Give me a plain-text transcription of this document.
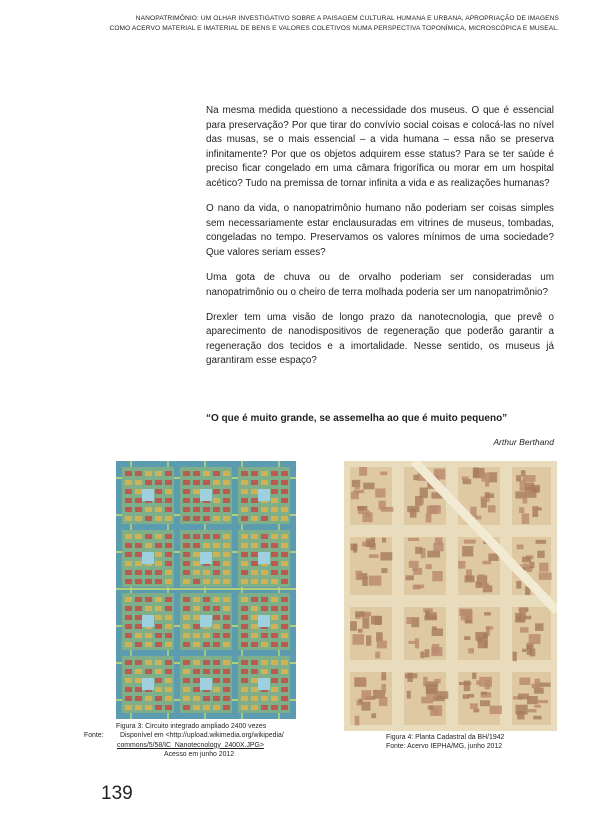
NANOPATRIMÔNIO: UM OLHAR INVESTIGATIVO SOBRE A PAISAGEM CULTURAL HUMANA E URBANA, APROPRIAÇÃO DE IMAGENS
COMO ACERVO MATERIAL E IMATERIAL DE BENS E VALORES COLETIVOS NUMA PERSPECTIVA TOPONÍMICA, MICROSCÓPICA E MUSEAL.

Na mesma medida questiono a necessidade dos museus. O que é essencial para preservação? Por que tirar do convívio social coisas e colocá-las no nível das musas, se o mais essencial – a vida humana – essa não se preserva infinitamente? Por que os objetos adquirem esse status? Para se ter saúde é preciso ficar congelado em uma câmara frigorífica ou morar em um hospital acético? Tudo na premissa de tornar infinita a vida e as realizações humanas?

O nano da vida, o nanopatrimônio humano não poderiam ser coisas simples sem necessariamente estar enclausuradas em vitrines de museus, tombadas, congeladas no tempo. Preservamos os valores mínimos de uma sociedade? Que valores seriam esses?

Uma gota de chuva ou de orvalho poderiam ser consideradas um nanopatrimônio ou o cheiro de terra molhada poderia ser um nanopatrimônio?

Drexler tem uma visão de longo prazo da nanotecnologia, que prevê o aparecimento de nanodispositivos de regeneração que poderão garantir a regeneração dos tecidos e a imortalidade. Nesse sentido, os museus já garantiram esse espaço?

“O que é muito grande, se assemelha ao que é muito pequeno”
Arthur Berthand
Figura 3: Circuito integrado ampliado 2400 vezes
Fonte:	Disponível em <http://upload.wikimedia.org/wikipedia/
commons/5/58/IC_Nanotecnology_2400X.JPG>
Acesso em junho 2012
Figura 4: Planta Cadastral da BH/1942
Fonte: Acervo IEPHA/MG, junho 2012
139
